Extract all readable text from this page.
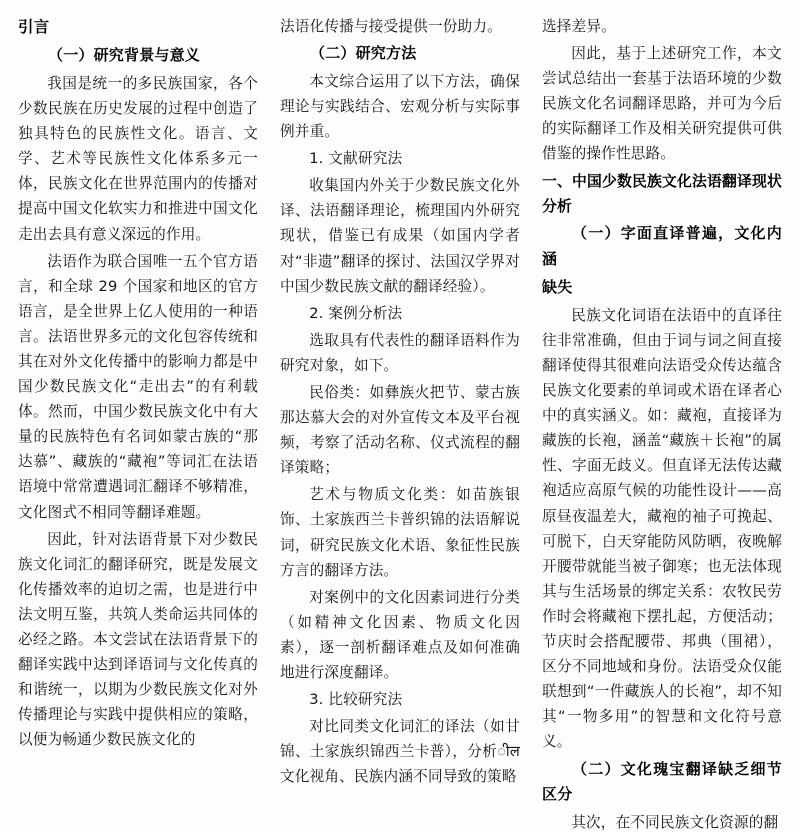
引言
（一）研究背景与意义
我国是统一的多民族国家，各个少数民族在历史发展的过程中创造了独具特色的民族性文化。语言、文学、艺术等民族性文化体系多元一体，民族文化在世界范围内的传播对提高中国文化软实力和推进中国文化走出去具有意义深远的作用。
法语作为联合国唯一五个官方语言，和全球 29 个国家和地区的官方语言，是全世界上亿人使用的一种语言。法语世界多元的文化包容传统和其在对外文化传播中的影响力都是中国少数民族文化“走出去”的有利载体。然而，中国少数民族文化中有大量的民族特色有名词如蒙古族的“那达慕”、藏族的“藏袍”等词汇在法语语境中常常遭遇词汇翻译不够精准，文化图式不相同等翻译难题。
因此，针对法语背景下对少数民族文化词汇的翻译研究，既是发展文化传播效率的迫切之需，也是进行中法文明互鉴，共筑人类命运共同体的必经之路。本文尝试在法语背景下的翻译实践中达到译语词与文化传真的和谐统一，以期为少数民族文化对外传播理论与实践中提供相应的策略，以便为畅通少数民族文化的
法语化传播与接受提供一份助力。
（二）研究方法
本文综合运用了以下方法，确保理论与实践结合、宏观分析与实际事例并重。
1. 文献研究法
收集国内外关于少数民族文化外译、法语翻译理论，梳理国内外研究现状，借鉴已有成果（如国内学者对“非遗”翻译的探讨、法国汉学界对中国少数民族文献的翻译经验）。
2. 案例分析法
选取具有代表性的翻译语料作为研究对象，如下。
民俗类：如彝族火把节、蒙古族那达慕大会的对外宣传文本及平台视频，考察了活动名称、仪式流程的翻译策略；
艺术与物质文化类：如苗族银饰、土家族西兰卡普织锦的法语解说词，研究民族文化术语、象征性民族方言的翻译方法。
对案例中的文化因素词进行分类（如精神文化因素、物质文化因素），逐一剖析翻译难点及如何准确地进行深度翻译。
3. 比较研究法
对比同类文化词汇的译法（如甘锦、土家族织锦西兰卡普），分析ील文化视角、民族内涵不同导致的策略
选择差异。
因此，基于上述研究工作，本文尝试总结出一套基于法语环境的少数民族文化名词翻译思路，并可为今后的实际翻译工作及相关研究提供可供借鉴的操作性思路。
一、中国少数民族文化法语翻译现状分析
（一）字面直译普遍，文化内涵
缺失
民族文化词语在法语中的直译往往非常准确，但由于词与词之间直接翻译使得其很难向法语受众传达蕴含民族文化要素的单词或术语在译者心中的真实涵义。如：藏袍，直接译为藏族的长袍，涵盖“藏族＋长袍”的属性、字面无歧义。但直译无法传达藏袍适应高原气候的功能性设计——高原昼夜温差大，藏袍的袖子可挽起、可脱下，白天穿能防风防晒，夜晚解开腰带就能当被子御寒；也无法体现其与生活场景的绑定关系：农牧民劳作时会将藏袍下摆扎起，方便活动；节庆时会搭配腰带、邦典（围裙），区分不同地域和身份。法语受众仅能联想到“一件藏族人的长袍”，却不知其“一物多用”的智慧和文化符号意义。
（二）文化瑰宝翻译缺乏细节区分
其次，在不同民族文化资源的翻
